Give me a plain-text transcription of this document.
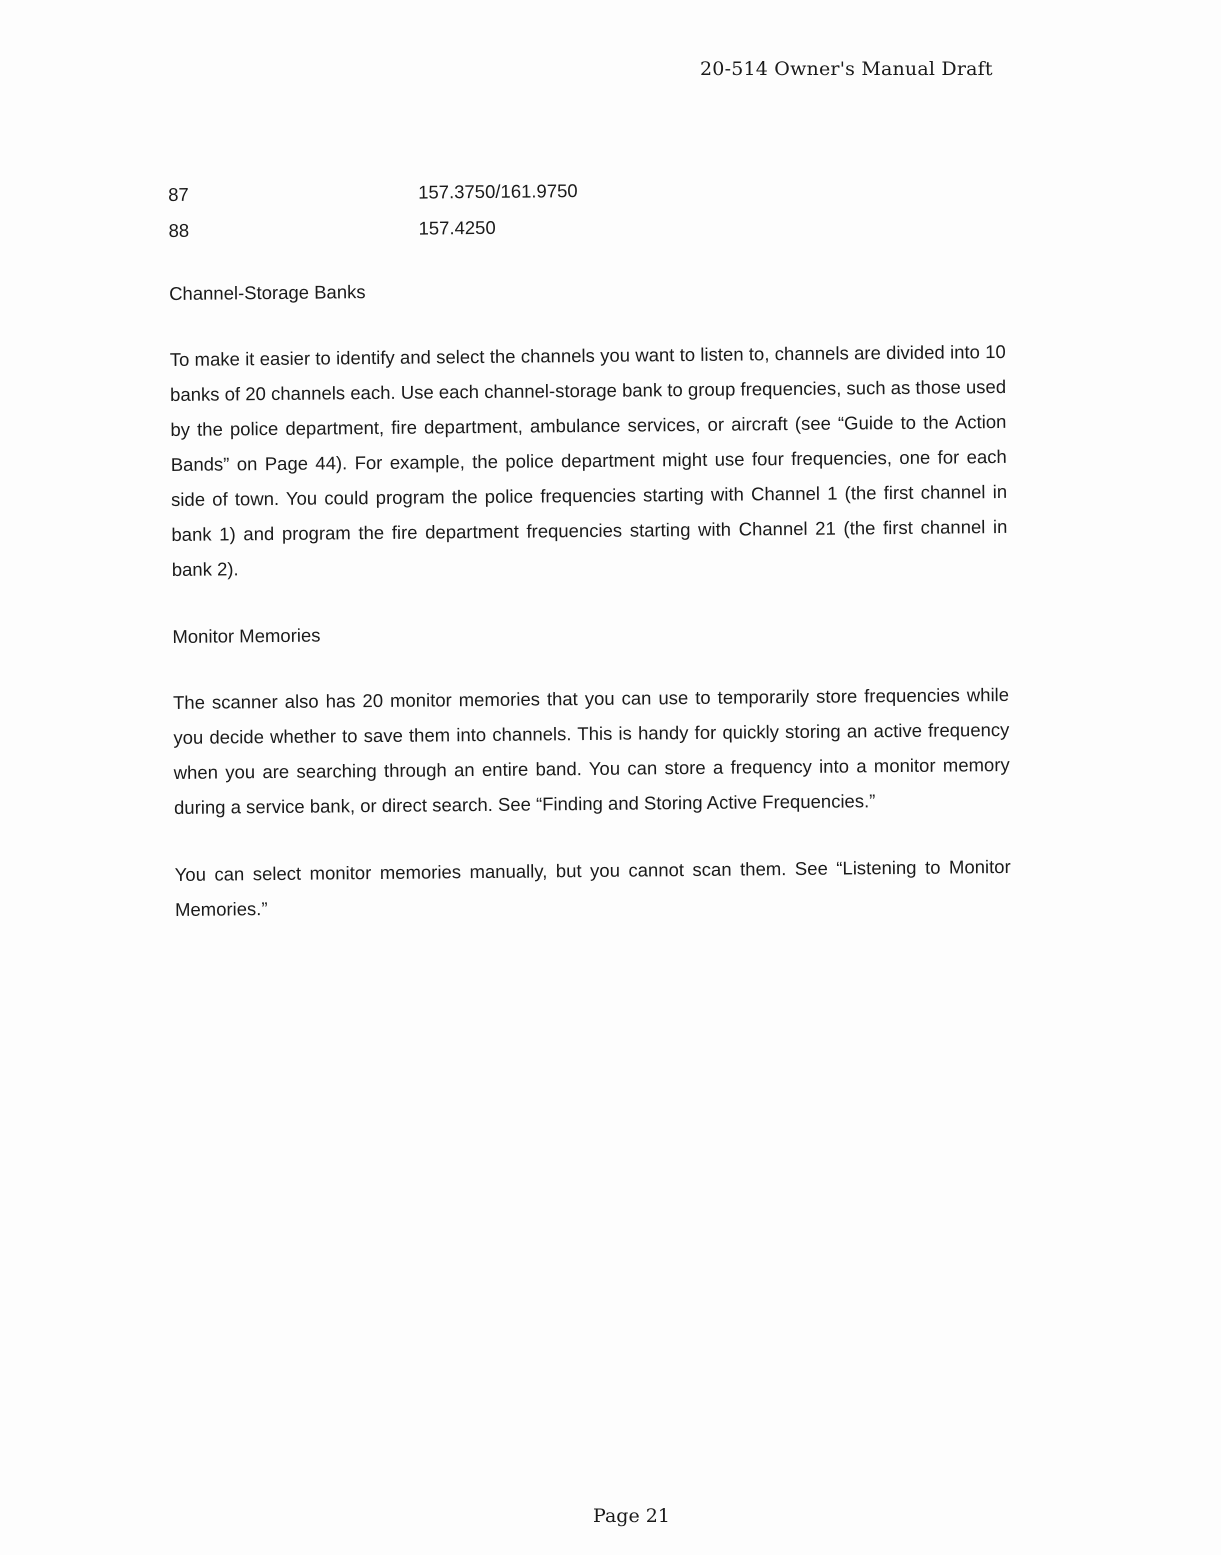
20-514 Owner's Manual Draft
87	157.3750/161.9750
88	157.4250
Channel-Storage Banks

To make it easier to identify and select the channels you want to listen to, channels are divided into 10 banks of 20 channels each. Use each channel-storage bank to group frequencies, such as those used by the police department, fire department, ambulance services, or aircraft (see “Guide to the Action Bands” on Page 44). For example, the police department might use four frequencies, one for each side of town. You could program the police frequencies starting with Channel 1 (the first channel in bank 1) and program the fire department frequencies starting with Channel 21 (the first channel in bank 2).

Monitor Memories

The scanner also has 20 monitor memories that you can use to temporarily store frequencies while you decide whether to save them into channels. This is handy for quickly storing an active frequency when you are searching through an entire band. You can store a frequency into a monitor memory during a service bank, or direct search. See “Finding and Storing Active Frequencies.”

You can select monitor memories manually, but you cannot scan them. See “Listening to Monitor Memories.”

Page 21
